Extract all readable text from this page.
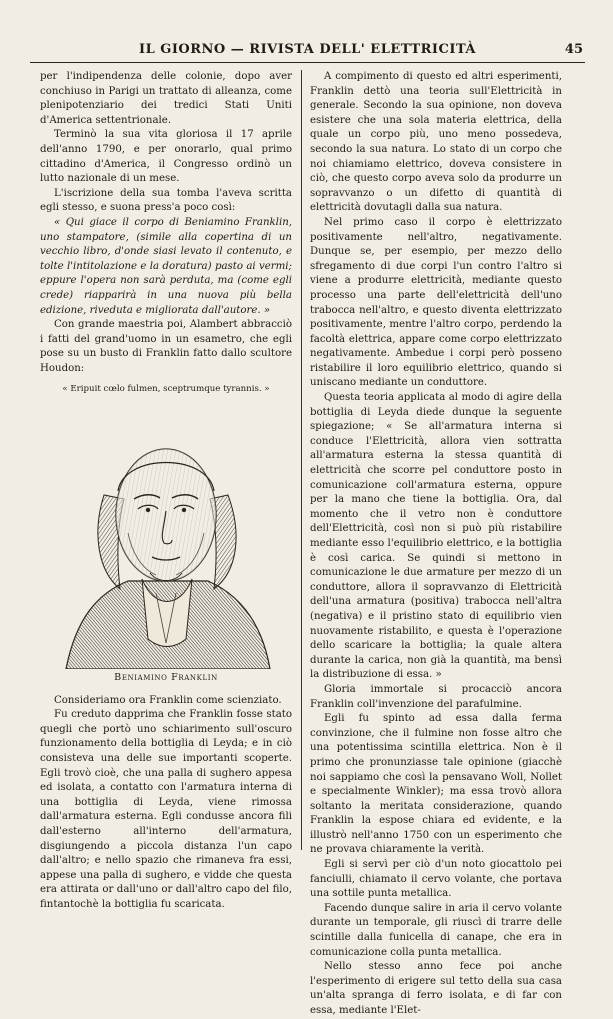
IL GIORNO — RIVISTA DELL' ELETTRICITÀ	45

per l'indipendenza delle colonie, dopo aver conchiuso in Parigi un trattato di alleanza, come plenipotenziario dei tredici Stati Uniti d'America settentrionale.

Terminò la sua vita gloriosa il 17 aprile dell'anno 1790, e per onorarlo, qual primo cittadino d'America, il Congresso ordinò un lutto nazionale di un mese.

L'iscrizione della sua tomba l'aveva scritta egli stesso, e suona press'a poco così:

« Qui giace il corpo di Beniamino Franklin, uno stampatore, (simile alla copertina di un vecchio libro, d'onde siasi levato il contenuto, e tolte l'intitolazione e la doratura) pasto ai vermi; eppure l'opera non sarà perduta, ma (come egli crede) riapparirà in una nuova più bella edizione, riveduta e migliorata dall'autore. »

Con grande maestria poi, Alambert abbracciò i fatti del grand'uomo in un esametro, che egli pose su un busto di Franklin fatto dallo scultore Houdon:

« Eripuit cœlo fulmen, sceptrumque tyrannis. »

Beniamino Franklin

Consideriamo ora Franklin come scienziato.

Fu creduto dapprima che Franklin fosse stato quegli che portò uno schiarimento sull'oscuro funzionamento della bottiglia di Leyda; e in ciò consisteva una delle sue importanti scoperte. Egli trovò cioè, che una palla di sughero appesa ed isolata, a contatto con l'armatura interna di una bottiglia di Leyda, viene rimossa dall'armatura esterna. Egli condusse ancora fili dall'esterno all'interno dell'armatura, disgiungendo a piccola distanza l'un capo dall'altro; e nello spazio che rimaneva fra essi, appese una palla di sughero, e vidde che questa era attirata or dall'uno or dall'altro capo del filo, fintantochè la bottiglia fu scaricata.

A compimento di questo ed altri esperimenti, Franklin dettò una teoria sull'Elettricità in generale. Secondo la sua opinione, non doveva esistere che una sola materia elettrica, della quale un corpo più, uno meno possedeva, secondo la sua natura. Lo stato di un corpo che noi chiamiamo elettrico, doveva consistere in ciò, che questo corpo aveva solo da produrre un sopravvanzo o un difetto di quantità di elettricità dovutagli dalla sua natura.

Nel primo caso il corpo è elettrizzato positivamente nell'altro, negativamente. Dunque se, per esempio, per mezzo dello sfregamento di due corpi l'un contro l'altro si viene a produrre elettricità, mediante questo processo una parte dell'elettricità dell'uno trabocca nell'altro, e questo diventa elettrizzato positivamente, mentre l'altro corpo, perdendo la facoltà elettrica, appare come corpo elettrizzato negativamente. Ambedue i corpi però posseno ristabilire il loro equilibrio elettrico, quando si uniscano mediante un conduttore.

Questa teoria applicata al modo di agire della bottiglia di Leyda diede dunque la seguente spiegazione; « Se all'armatura interna si conduce l'Elettricità, allora vien sottratta all'armatura esterna la stessa quantità di elettricità che scorre pel conduttore posto in comunicazione coll'armatura esterna, oppure per la mano che tiene la bottiglia. Ora, dal momento che il vetro non è conduttore dell'Elettricità, così non si può più ristabilire mediante esso l'equilibrio elettrico, e la bottiglia è così carica. Se quindi si mettono in comunicazione le due armature per mezzo di un conduttore, allora il sopravvanzo di Elettricità dell'una armatura (positiva) trabocca nell'altra (negativa) e il pristino stato di equilibrio vien nuovamente ristabilito, e questa è l'operazione dello scaricare la bottiglia; la quale altera durante la carica, non già la quantità, ma bensì la distribuzione di essa. »

Gloria immortale si procacciò ancora Franklin coll'invenzione del parafulmine.

Egli fu spinto ad essa dalla ferma convinzione, che il fulmine non fosse altro che una potentissima scintilla elettrica. Non è il primo che pronunziasse tale opinione (giacchè noi sappiamo che così la pensavano Woll, Nollet e specialmente Winkler); ma essa trovò allora soltanto la meritata considerazione, quando Franklin la espose chiara ed evidente, e la illustrò nell'anno 1750 con un esperimento che ne provava chiaramente la verità.

Egli si servì per ciò d'un noto giocattolo pei fanciulli, chiamato il cervo volante, che portava una sottile punta metallica.

Facendo dunque salire in aria il cervo volante durante un temporale, gli riuscì di trarre delle scintille dalla funicella di canape, che era in comunicazione colla punta metallica.

Nello stesso anno fece poi anche l'esperimento di erigere sul tetto della sua casa un'alta spranga di ferro isolata, e di far con essa, mediante l'Elet-
